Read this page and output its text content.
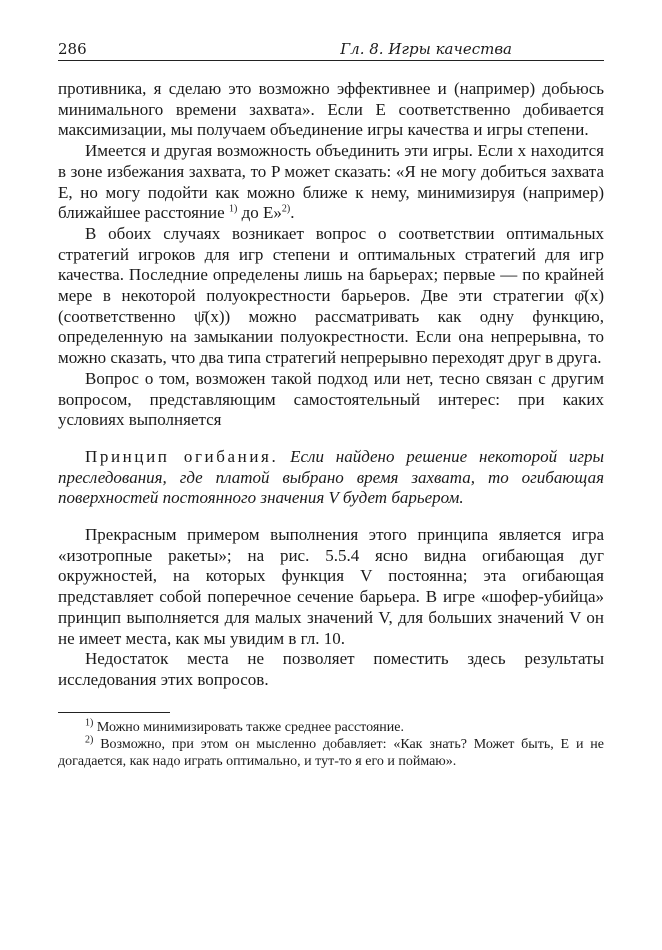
286	Гл. 8. Игры качества

противника, я сделаю это возможно эффективнее и (например) добьюсь минимального времени захвата». Если E соответственно добивается максимизации, мы получаем объединение игры качества и игры степени.

Имеется и другая возможность объединить эти игры. Если x находится в зоне избежания захвата, то P может сказать: «Я не могу добиться захвата E, но могу подойти как можно ближе к нему, минимизируя (например) ближайшее расстояние $^{1)}$ до E»$^{2)}$.

В обоих случаях возникает вопрос о соответствии оптимальных стратегий игроков для игр степени и оптимальных стратегий для игр качества. Последние определены лишь на барьерах; первые — по крайней мере в некоторой полуокрестности барьеров. Две эти стратегии φ̄(x) (соответственно ψ̄(x)) можно рассматривать как одну функцию, определенную на замыкании полуокрестности. Если она непрерывна, то можно сказать, что два типа стратегий непрерывно переходят друг в друга.

Вопрос о том, возможен такой подход или нет, тесно связан с другим вопросом, представляющим самостоятельный интерес: при каких условиях выполняется

Принцип огибания. Если найдено решение некоторой игры преследования, где платой выбрано время захвата, то огибающая поверхностей постоянного значения V будет барьером.

Прекрасным примером выполнения этого принципа является игра «изотропные ракеты»; на рис. 5.5.4 ясно видна огибающая дуг окружностей, на которых функция V постоянна; эта огибающая представляет собой поперечное сечение барьера. В игре «шофер-убийца» принцип выполняется для малых значений V, для больших значений V он не имеет места, как мы увидим в гл. 10.

Недостаток места не позволяет поместить здесь результаты исследования этих вопросов.

$^{1)}$ Можно минимизировать также среднее расстояние.

$^{2)}$ Возможно, при этом он мысленно добавляет: «Как знать? Может быть, E и не догадается, как надо играть оптимально, и тут-то я его и поймаю».
